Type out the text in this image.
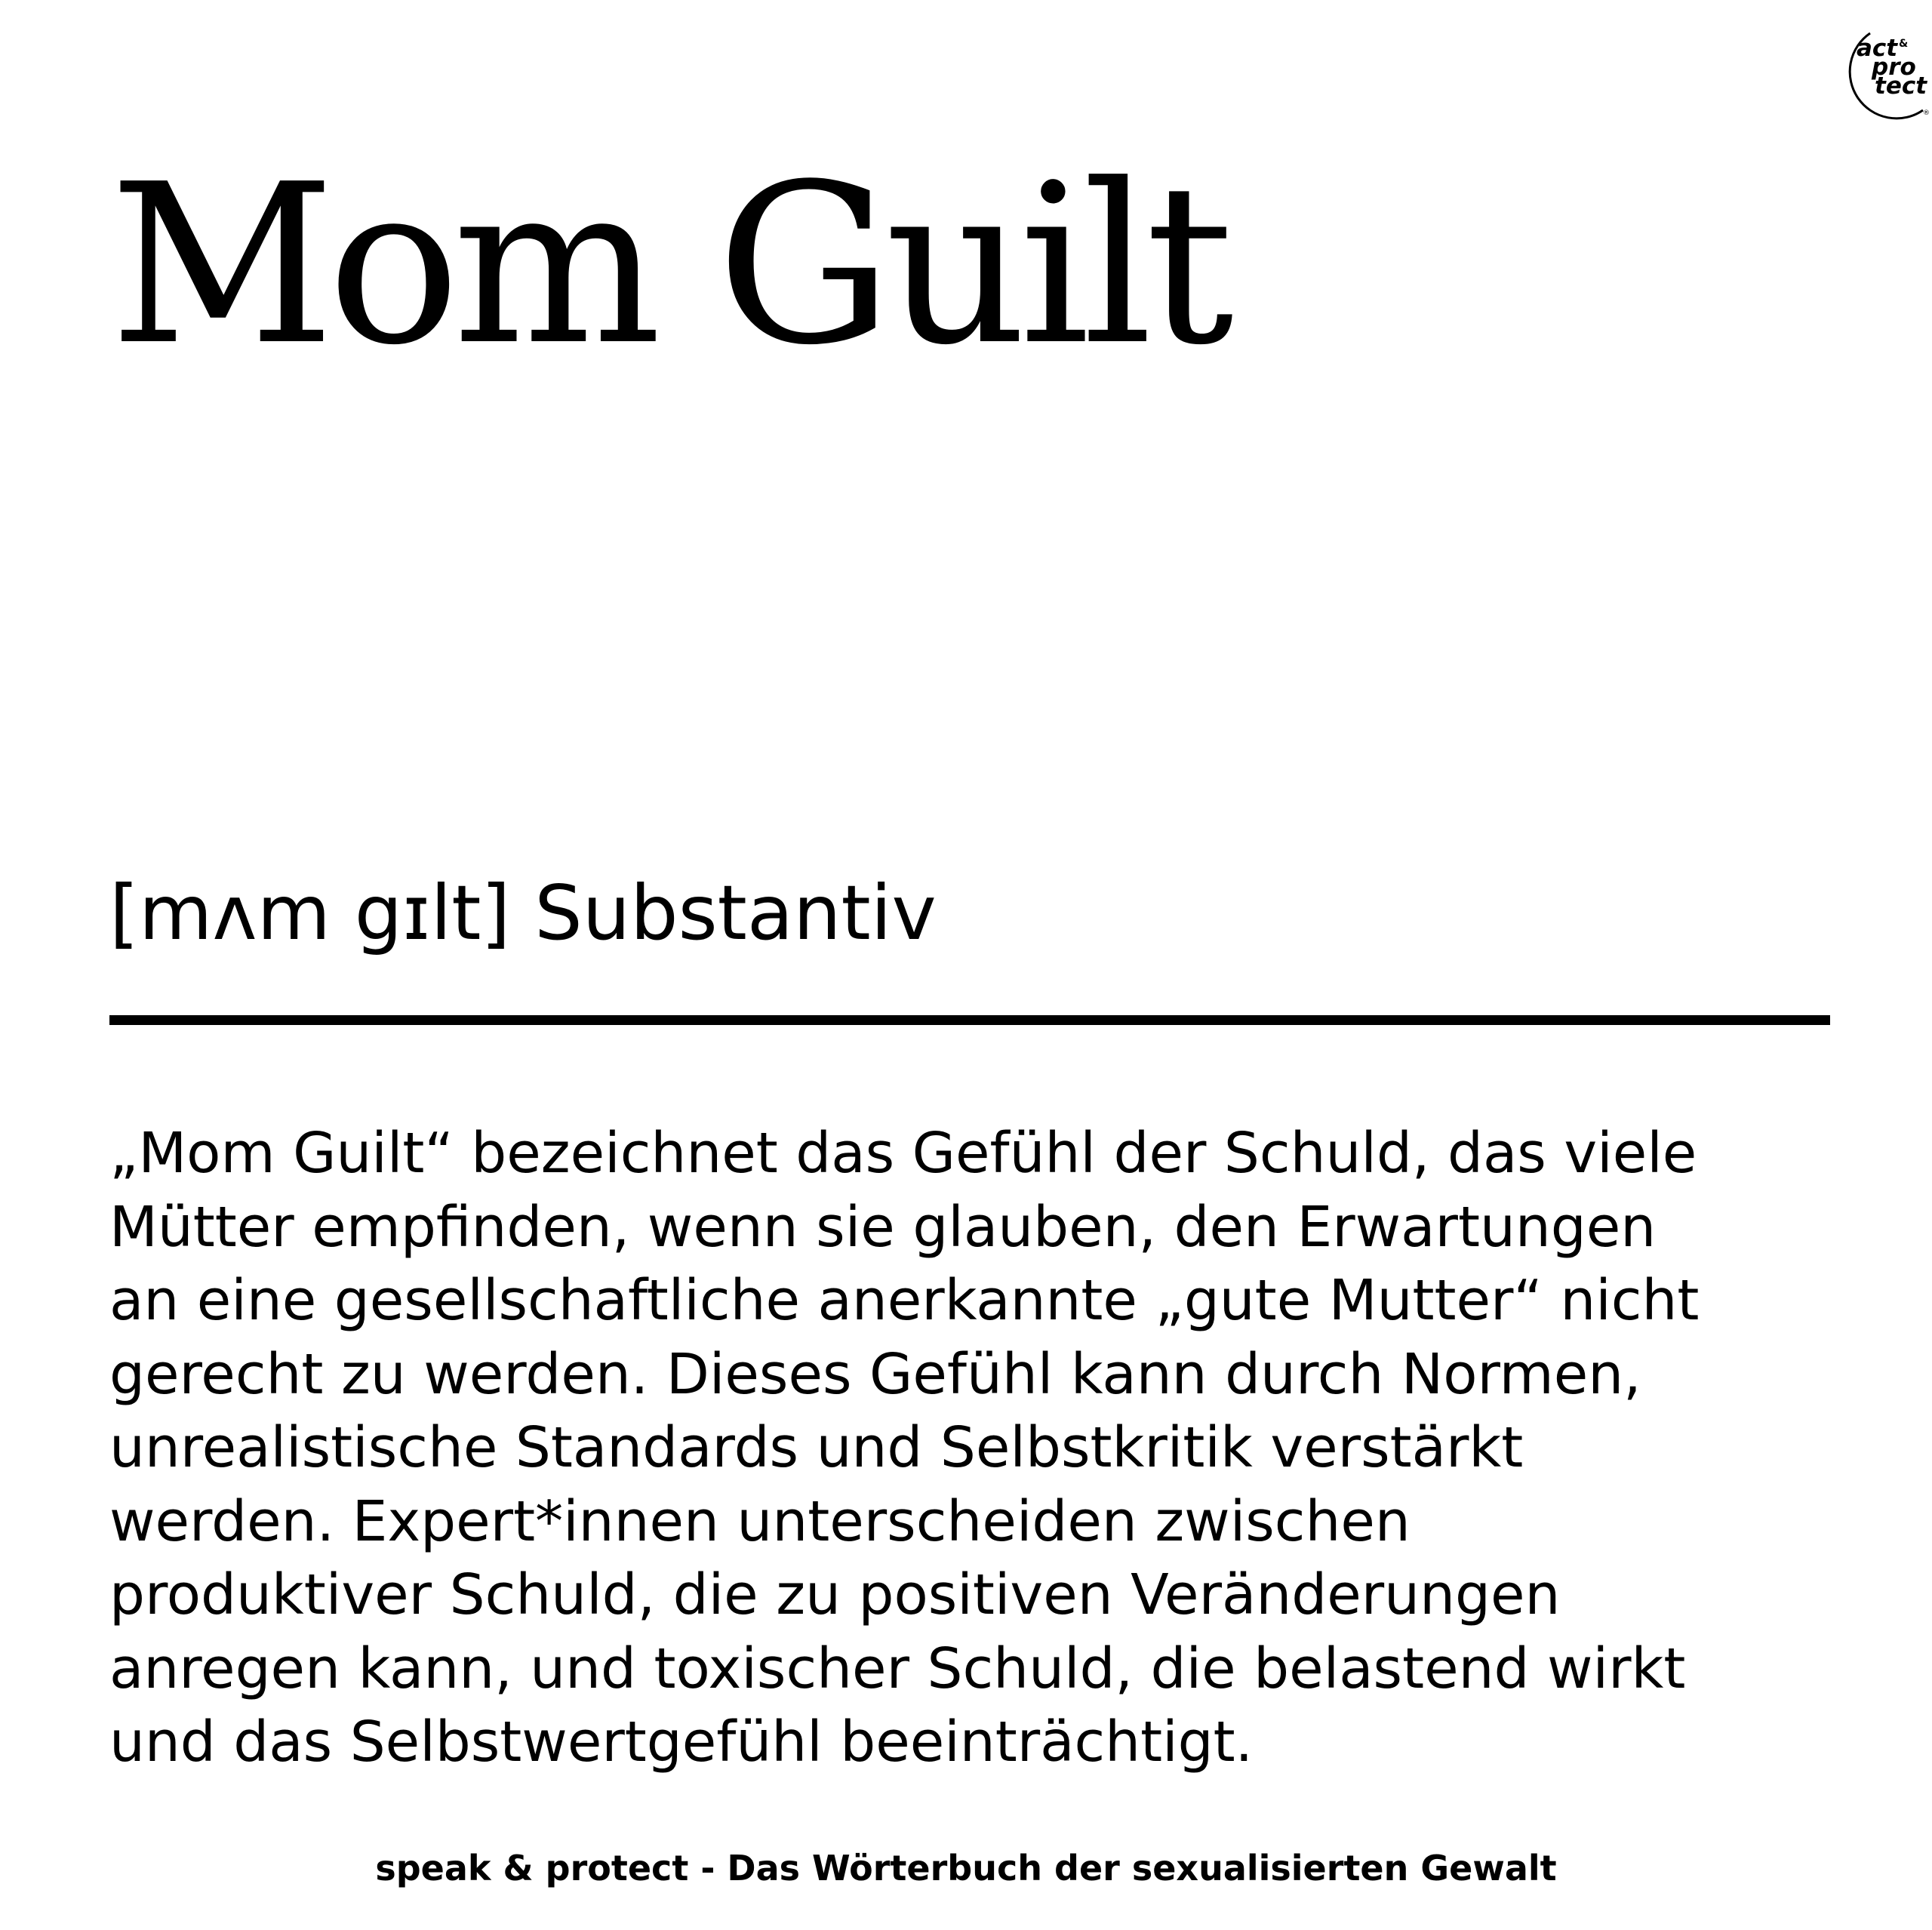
act &
pro
tect
®
Mom Guilt

[mʌm gɪlt] Substantiv

„Mom Guilt“ bezeichnet das Gefühl der Schuld, das viele
Mütter empfinden, wenn sie glauben, den Erwartungen
an eine gesellschaftliche anerkannte „gute Mutter“ nicht
gerecht zu werden. Dieses Gefühl kann durch Normen,
unrealistische Standards und Selbstkritik verstärkt
werden. Expert*innen unterscheiden zwischen
produktiver Schuld, die zu positiven Veränderungen
anregen kann, und toxischer Schuld, die belastend wirkt
und das Selbstwertgefühl beeinträchtigt.

speak & protect - Das Wörterbuch der sexualisierten Gewalt
